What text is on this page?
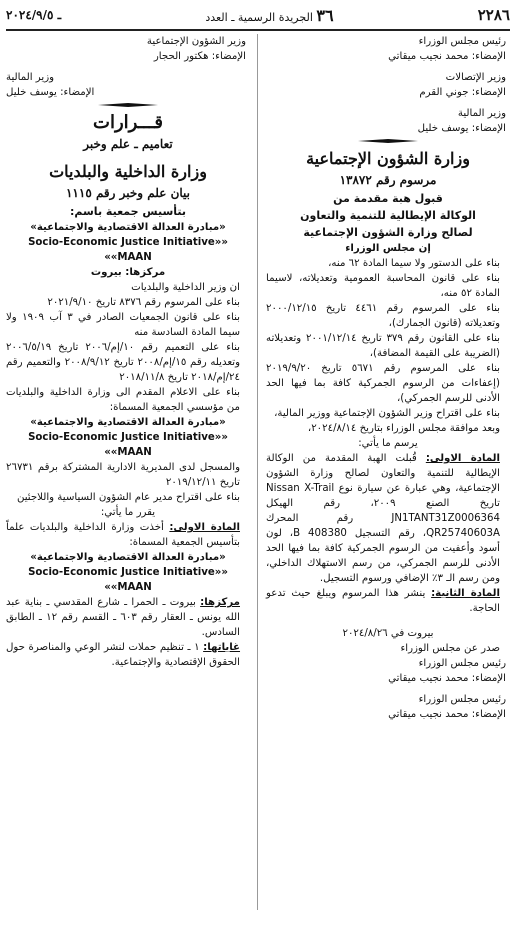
ـ ٢٠٢٤/٩/٥	٣٦ الجريدة الرسمية ـ العدد	٢٢٨٦

رئيس مجلس الوزراء

الإمضاء: محمد نجيب ميقاتي

وزير الإتصالات

الإمضاء: جوني القرم

وزير المالية

الإمضاء: يوسف خليل

وزارة الشؤون الإجتماعية

مرسوم رقم ١٣٨٧٢

قبول هبة مقدمة من

الوكالة الإيطالية للتنمية والتعاون

لصالح وزارة الشؤون الإجتماعية

إن مجلس الوزراء

بناء على الدستور ولا سيما المادة ٦٢ منه،

بناء على قانون المحاسبة العمومية وتعديلاته، لاسيما المادة ٥٢ منه،

بناء على المرسوم رقم ٤٤٦١ تاريخ ٢٠٠٠/١٢/١٥ وتعديلاته (قانون الجمارك)،

بناء على القانون رقم ٣٧٩ تاريخ ٢٠٠١/١٢/١٤ وتعديلاته (الضريبة على القيمة المضافة)،

بناء على المرسوم رقم ٥٦٧١ تاريخ ٢٠١٩/٩/٢٠ (إعفاءات من الرسوم الجمركية كافة بما فيها الحد الأدنى للرسم الجمركي)،

بناء على اقتراح وزير الشؤون الإجتماعية ووزير المالية،

وبعد موافقة مجلس الوزراء بتاريخ ٢٠٢٤/٨/١٤،

يرسم ما يأتي:

المادة الاولى: قُبلت الهبة المقدمة من الوكالة الإيطالية للتنمية والتعاون لصالح وزارة الشؤون الإجتماعية، وهي عبارة عن سيارة نوع Nissan X-Trail تاريخ الصنع ٢٠٠٩، رقم الهيكل JN1TANT31Z0006364 رقم المحرك QR25740603A، رقم التسجيل B 408380، لون أسود وأعفيت من الرسوم الجمركية كافة بما فيها الحد الأدنى للرسم الجمركي، من رسم الاستهلاك الداخلي، ومن رسم الـ ٣٪ الإضافي ورسوم التسجيل.

المادة الثانية: ينشر هذا المرسوم ويبلغ حيث تدعو الحاجة.

بيروت في ٢٠٢٤/٨/٢٦

صدر عن مجلس الوزراء

رئيس مجلس الوزراء

الإمضاء: محمد نجيب ميقاتي

رئيس مجلس الوزراء

الإمضاء: محمد نجيب ميقاتي

وزير الشؤون الإجتماعية

الإمضاء: هكتور الحجار

وزير المالية

الإمضاء: يوسف خليل

قـــرارات

تعاميم ـ علم وخبر

وزارة الداخلية والبلديات

بيان علم وخبر رقم ١١١٥

بتأسيس جمعية باسم:

«مبادرة العدالة الاقتصادية والاجتماعية»

«Socio-Economic Justice Initiative» «MAAN»

مركزها: بيروت

ان وزير الداخلية والبلديات

بناء على المرسوم رقم ٨٣٧٦ تاريخ ٢٠٢١/٩/١٠

بناء على قانون الجمعيات الصادر في ٣ آب ١٩٠٩ ولا سيما المادة السادسة منه

بناء على التعميم رقم ١٠/إم/٢٠٠٦ تاريخ ٢٠٠٦/٥/١٩ وتعديله رقم ١٥/إم/٢٠٠٨ تاريخ ٢٠٠٨/٩/١٢ والتعميم رقم ٢٤/إم/٢٠١٨ تاريخ ٢٠١٨/١١/٨

بناء على الاعلام المقدم الى وزارة الداخلية والبلديات من مؤسسي الجمعية المسماة:

«مبادرة العدالة الاقتصادية والاجتماعية»

«Socio-Economic Justice Initiative» «MAAN»

والمسجل لدى المديرية الادارية المشتركة برقم ٢٦٧٣١ تاريخ ٢٠١٩/١٢/١١

بناء على اقتراح مدير عام الشؤون السياسية واللاجئين

يقرر ما يأتي:

المادة الاولى: أخذت وزارة الداخلية والبلديات علماً بتأسيس الجمعية المسماة:

«مبادرة العدالة الاقتصادية والاجتماعية»

«Socio-Economic Justice Initiative» «MAAN»

مركزها: بيروت ـ الحمرا ـ شارع المقدسي ـ بناية عبد الله يونس ـ العقار رقم ٦٠٣ ـ القسم رقم ١٢ ـ الطابق السادس.

غاياتها: ١ ـ تنظيم حملات لنشر الوعي والمناصرة حول الحقوق الإقتصادية والإجتماعية.
